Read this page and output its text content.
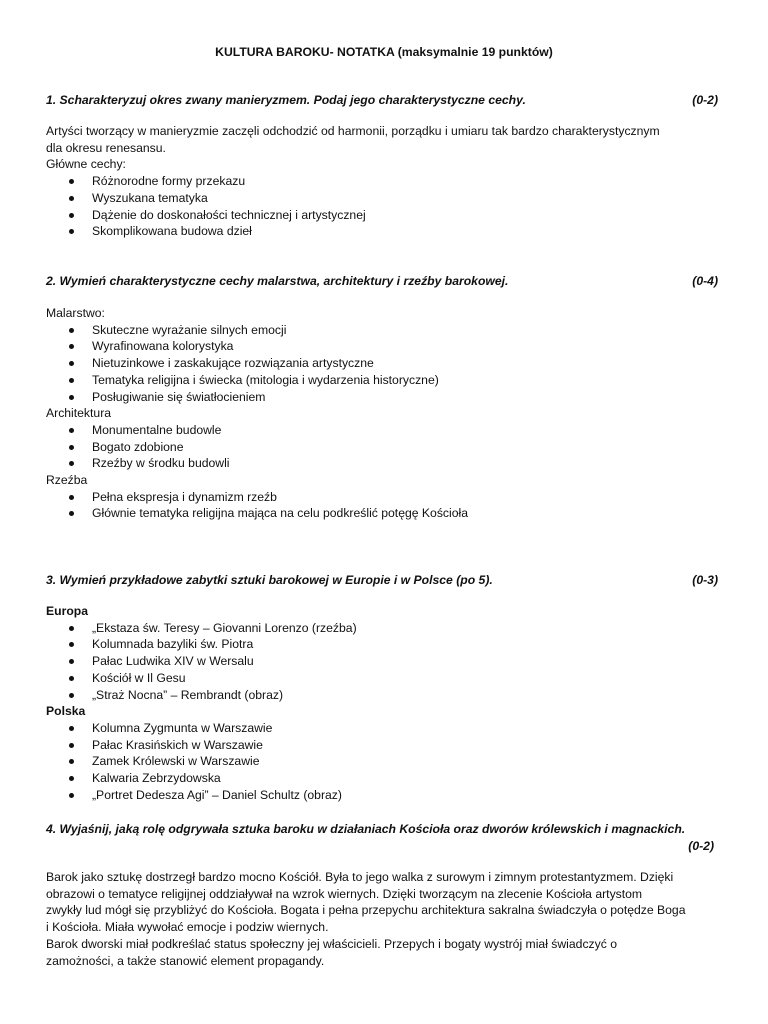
KULTURA BAROKU- NOTATKA (maksymalnie 19 punktów)
1. Scharakteryzuj okres zwany manieryzmem. Podaj jego charakterystyczne cechy.	(0-2)

Artyści tworzący w manieryzmie zaczęli odchodzić od harmonii, porządku i umiaru tak bardzo charakterystycznym

dla okresu renesansu.

Główne cechy:

Różnorodne formy przekazu
Wyszukana tematyka
Dążenie do doskonałości technicznej i artystycznej
Skomplikowana budowa dzieł
2. Wymień charakterystyczne cechy malarstwa, architektury i rzeźby barokowej.	(0-4)

Malarstwo:

Skuteczne wyrażanie silnych emocji
Wyrafinowana kolorystyka
Nietuzinkowe i zaskakujące rozwiązania artystyczne
Tematyka religijna i świecka (mitologia i wydarzenia historyczne)
Posługiwanie się światłocieniem

Architektura

Monumentalne budowle
Bogato zdobione
Rzeźby w środku budowli

Rzeźba

Pełna ekspresja i dynamizm rzeźb
Głównie tematyka religijna mająca na celu podkreślić potęgę Kościoła
3. Wymień przykładowe zabytki sztuki barokowej w Europie i w Polsce (po 5).	(0-3)

Europa

„Ekstaza św. Teresy – Giovanni Lorenzo (rzeźba)
Kolumnada bazyliki św. Piotra
Pałac Ludwika XIV w Wersalu
Kościół w Il Gesu
„Straż Nocna” – Rembrandt (obraz)

Polska

Kolumna Zygmunta w Warszawie
Pałac Krasińskich w Warszawie
Zamek Królewski w Warszawie
Kalwaria Zebrzydowska
„Portret Dedesza Agi” – Daniel Schultz (obraz)
4. Wyjaśnij, jaką rolę odgrywała sztuka baroku w działaniach Kościoła oraz dworów królewskich i magnackich.
(0-2)

Barok jako sztukę dostrzegł bardzo mocno Kościół. Była to jego walka z surowym i zimnym protestantyzmem. Dzięki

obrazowi o tematyce religijnej oddziaływał na wzrok wiernych. Dzięki tworzącym na zlecenie Kościoła artystom

zwykły lud mógł się przybliżyć do Kościoła. Bogata i pełna przepychu architektura sakralna świadczyła o potędze Boga

i Kościoła. Miała wywołać emocje i podziw wiernych.

Barok dworski miał podkreślać status społeczny jej właścicieli. Przepych i bogaty wystrój miał świadczyć o

zamożności, a także stanowić element propagandy.
